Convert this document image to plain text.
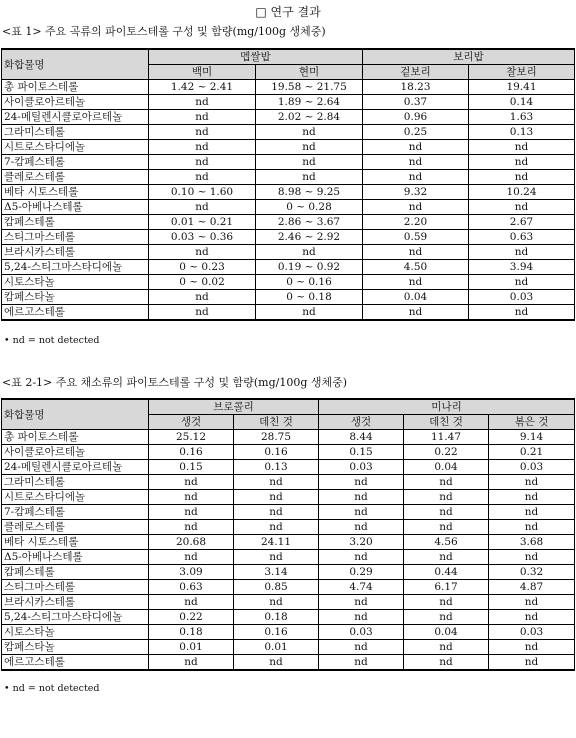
□ 연구 결과
<표 1> 주요 곡류의 파이토스테롤 구성 및 함량(mg/100g 생체중)
화합물명	멥쌀밥		보리밥	
	백미	현미	겉보리	찰보리
총 파이토스테롤	1.42 ~ 2.41	19.58 ~ 21.75	18.23	19.41
사이클로아르테놀	nd	1.89 ~ 2.64	0.37	0.14
24-메틸렌시클로아르테놀	nd	2.02 ~ 2.84	0.96	1.63
그라미스테롤	nd	nd	0.25	0.13
시트로스타디에놀	nd	nd	nd	nd
7-캄페스테롤	nd	nd	nd	nd
클레로스테롤	nd	nd	nd	nd
베타 시토스테롤	0.10 ~ 1.60	8.98 ~ 9.25	9.32	10.24
Δ5-아베나스테롤	nd	0 ~ 0.28	nd	nd
캄페스테롤	0.01 ~ 0.21	2.86 ~ 3.67	2.20	2.67
스티그마스테롤	0.03 ~ 0.36	2.46 ~ 2.92	0.59	0.63
브라시카스테롤	nd	nd	nd	nd
5,24-스티그마스타디에놀	0 ~ 0.23	0.19 ~ 0.92	4.50	3.94
시토스타놀	0 ~ 0.02	0 ~ 0.16	nd	nd
캄페스타놀	nd	0 ~ 0.18	0.04	0.03
에르고스테롤	nd	nd	nd	nd
• nd = not detected
<표 2-1> 주요 채소류의 파이토스테롤 구성 및 함량(mg/100g 생체중)
화합물명	브로콜리		미나리		
	생것	데친 것	생것	데친 것	볶은 것
총 파이토스테롤	25.12	28.75	8.44	11.47	9.14
사이클로아르테놀	0.16	0.16	0.15	0.22	0.21
24-메틸렌시클로아르테놀	0.15	0.13	0.03	0.04	0.03
그라미스테롤	nd	nd	nd	nd	nd
시트로스타디에놀	nd	nd	nd	nd	nd
7-캄페스테롤	nd	nd	nd	nd	nd
클레로스테롤	nd	nd	nd	nd	nd
베타 시토스테롤	20.68	24.11	3.20	4.56	3.68
Δ5-아베나스테롤	nd	nd	nd	nd	nd
캄페스테롤	3.09	3.14	0.29	0.44	0.32
스티그마스테롤	0.63	0.85	4.74	6.17	4.87
브라시카스테롤	nd	nd	nd	nd	nd
5,24-스티그마스타디에놀	0.22	0.18	nd	nd	nd
시토스타놀	0.18	0.16	0.03	0.04	0.03
캄페스타놀	0.01	0.01	nd	nd	nd
에르고스테롤	nd	nd	nd	nd	nd
• nd = not detected
